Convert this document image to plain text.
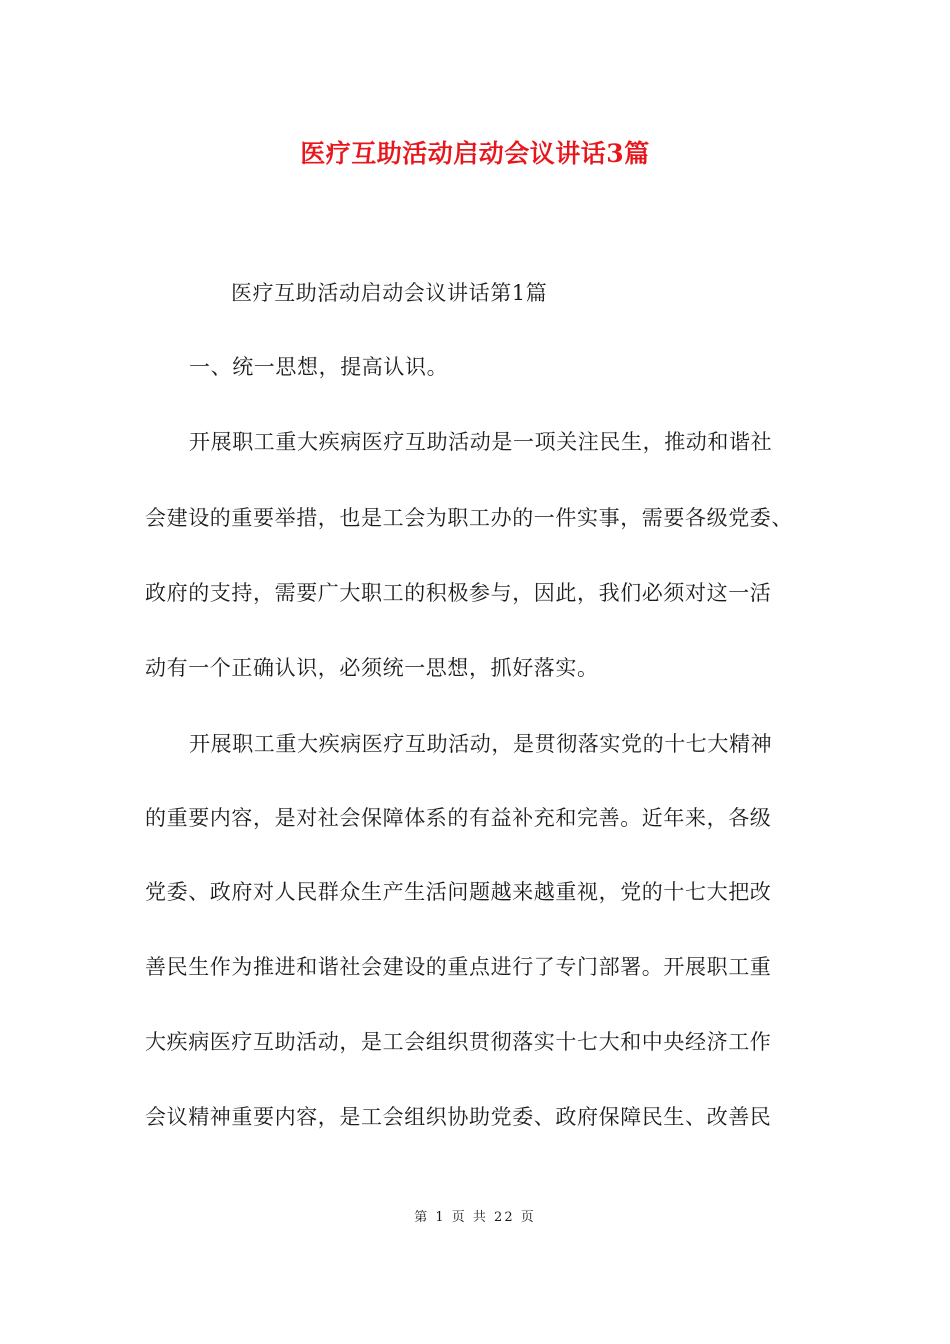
医疗互助活动启动会议讲话3篇
医疗互助活动启动会议讲话第1篇
一、统一思想，提高认识。
开展职工重大疾病医疗互助活动是一项关注民生，推动和谐社
会建设的重要举措，也是工会为职工办的一件实事，需要各级党委、
政府的支持，需要广大职工的积极参与，因此，我们必须对这一活
动有一个正确认识，必须统一思想，抓好落实。
开展职工重大疾病医疗互助活动，是贯彻落实党的十七大精神
的重要内容，是对社会保障体系的有益补充和完善。近年来，各级
党委、政府对人民群众生产生活问题越来越重视，党的十七大把改
善民生作为推进和谐社会建设的重点进行了专门部署。开展职工重
大疾病医疗互助活动，是工会组织贯彻落实十七大和中央经济工作
会议精神重要内容，是工会组织协助党委、政府保障民生、改善民
第 1 页 共 22 页
